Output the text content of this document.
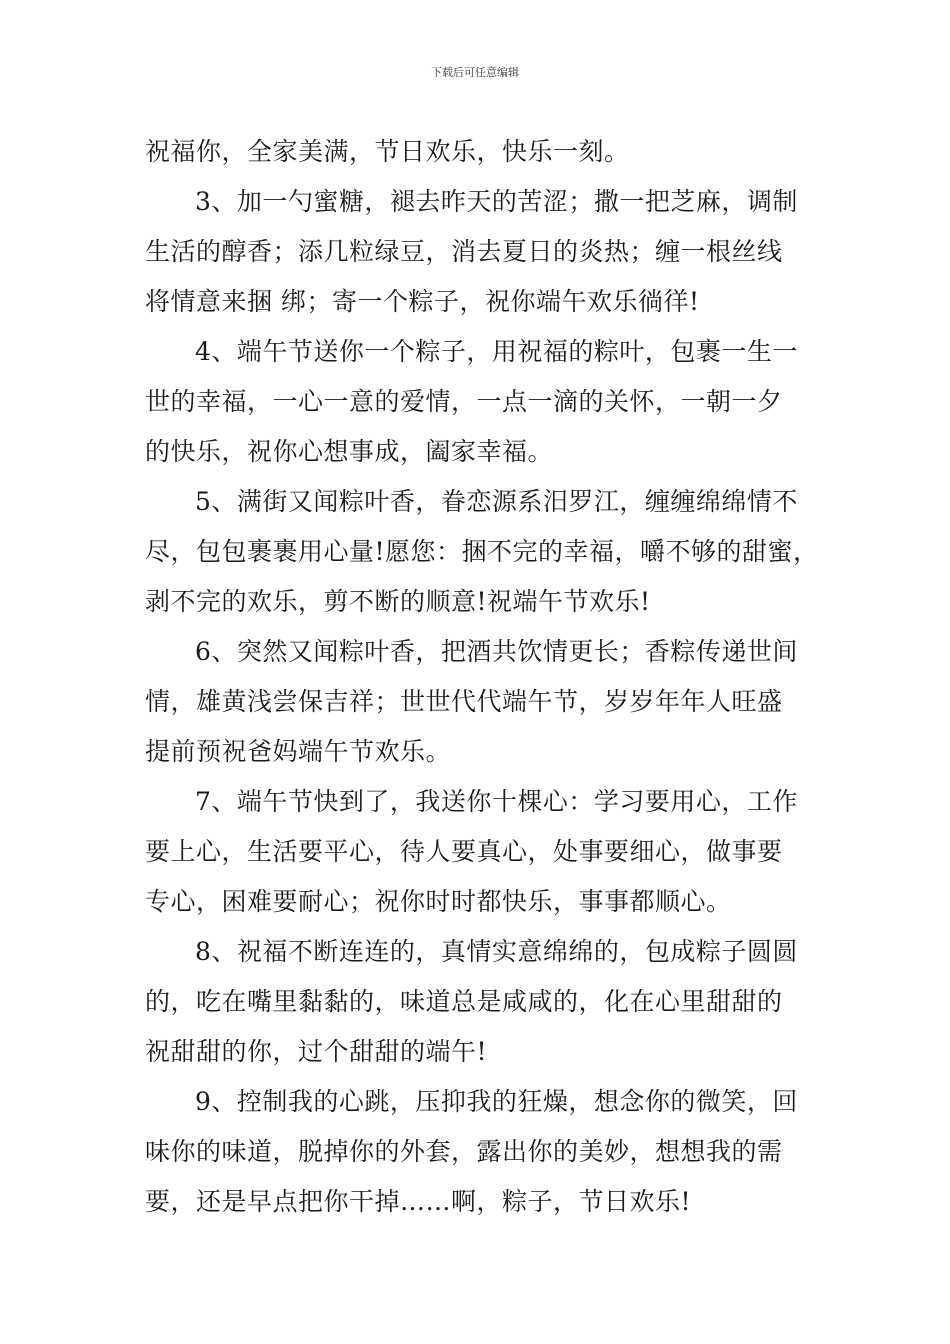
下载后可任意编辑
祝福你，全家美满，节日欢乐，快乐一刻。
3、加一勺蜜糖，褪去昨天的苦涩；撒一把芝麻，调制
生活的醇香；添几粒绿豆，消去夏日的炎热；缠一根丝线
将情意来捆 绑；寄一个粽子，祝你端午欢乐徜徉!
4、端午节送你一个粽子，用祝福的粽叶，包裹一生一
世的幸福，一心一意的爱情，一点一滴的关怀，一朝一夕
的快乐，祝你心想事成，阖家幸福。
5、满街又闻粽叶香，眷恋源系汨罗江，缠缠绵绵情不
尽，包包裹裹用心量!愿您：捆不完的幸福，嚼不够的甜蜜，
剥不完的欢乐，剪不断的顺意!祝端午节欢乐!
6、突然又闻粽叶香，把酒共饮情更长；香粽传递世间
情，雄黄浅尝保吉祥；世世代代端午节，岁岁年年人旺盛
提前预祝爸妈端午节欢乐。
7、端午节快到了，我送你十棵心：学习要用心，工作
要上心，生活要平心，待人要真心，处事要细心，做事要
专心，困难要耐心；祝你时时都快乐，事事都顺心。
8、祝福不断连连的，真情实意绵绵的，包成粽子圆圆
的，吃在嘴里黏黏的，味道总是咸咸的，化在心里甜甜的
祝甜甜的你，过个甜甜的端午!
9、控制我的心跳，压抑我的狂燥，想念你的微笑，回
味你的味道，脱掉你的外套，露出你的美妙，想想我的需
要，还是早点把你干掉……啊，粽子，节日欢乐!
